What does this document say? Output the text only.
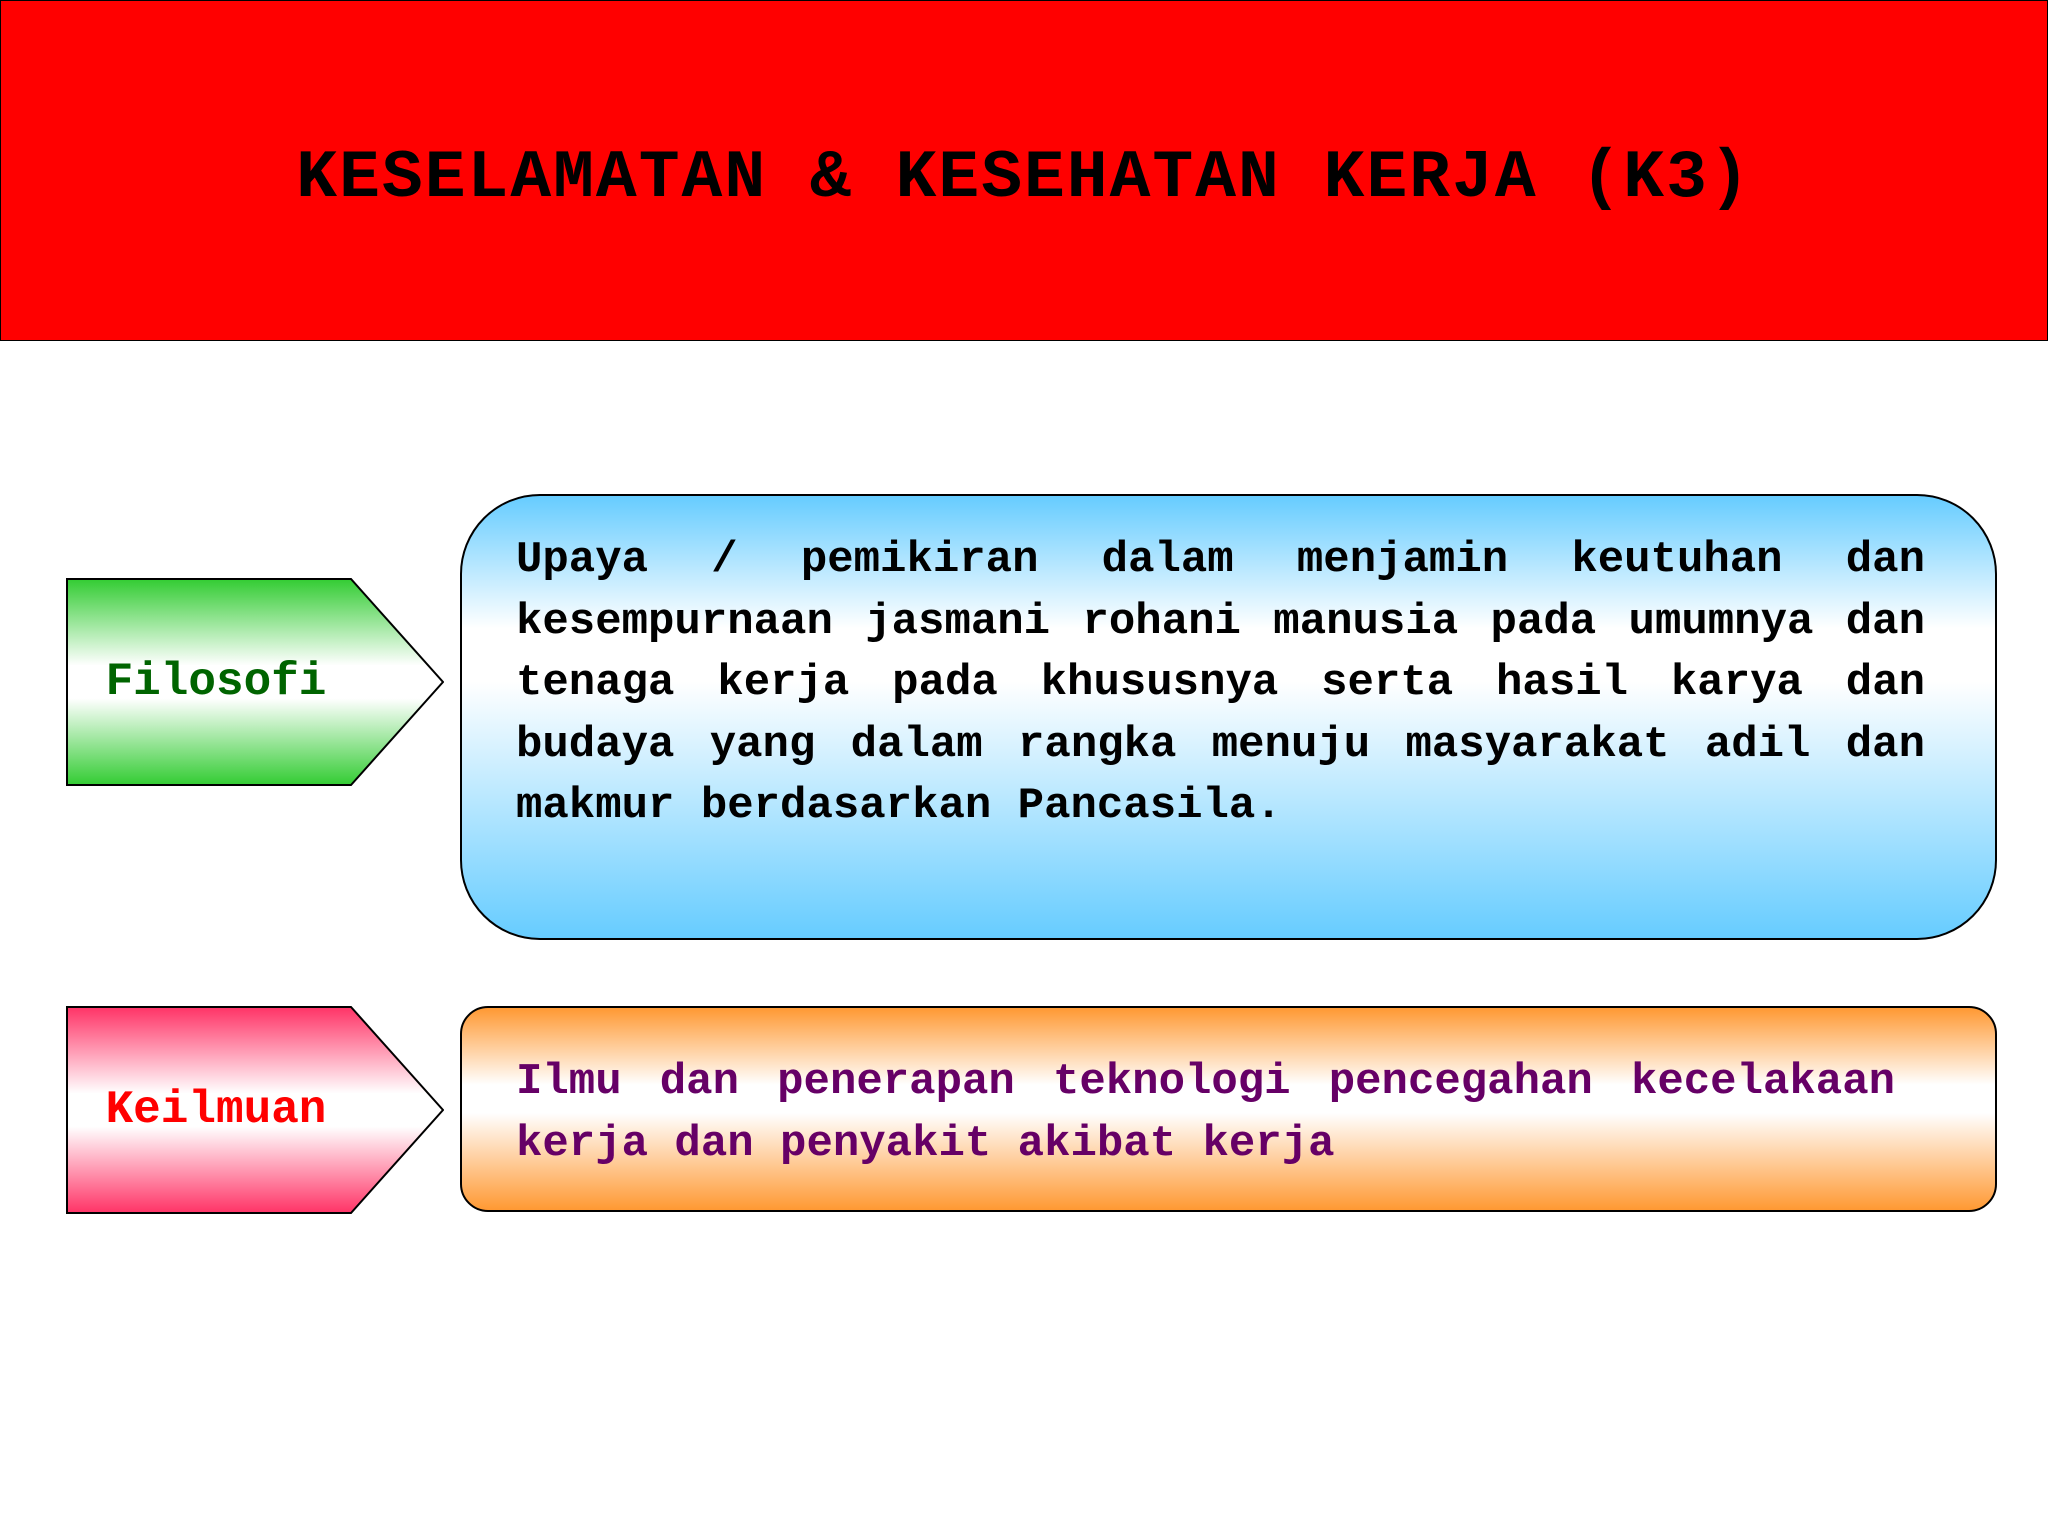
KESELAMATAN & KESEHATAN KERJA (K3)
Filosofi

Upaya / pemikiran dalam menjamin keutuhan dan kesempurnaan jasmani rohani manusia pada umumnya dan tenaga kerja pada khususnya serta hasil karya dan budaya yang dalam rangka menuju masyarakat adil dan makmur berdasarkan Pancasila.

Keilmuan

Ilmu dan penerapan teknologi pencegahan kecelakaan kerja dan penyakit akibat kerja
